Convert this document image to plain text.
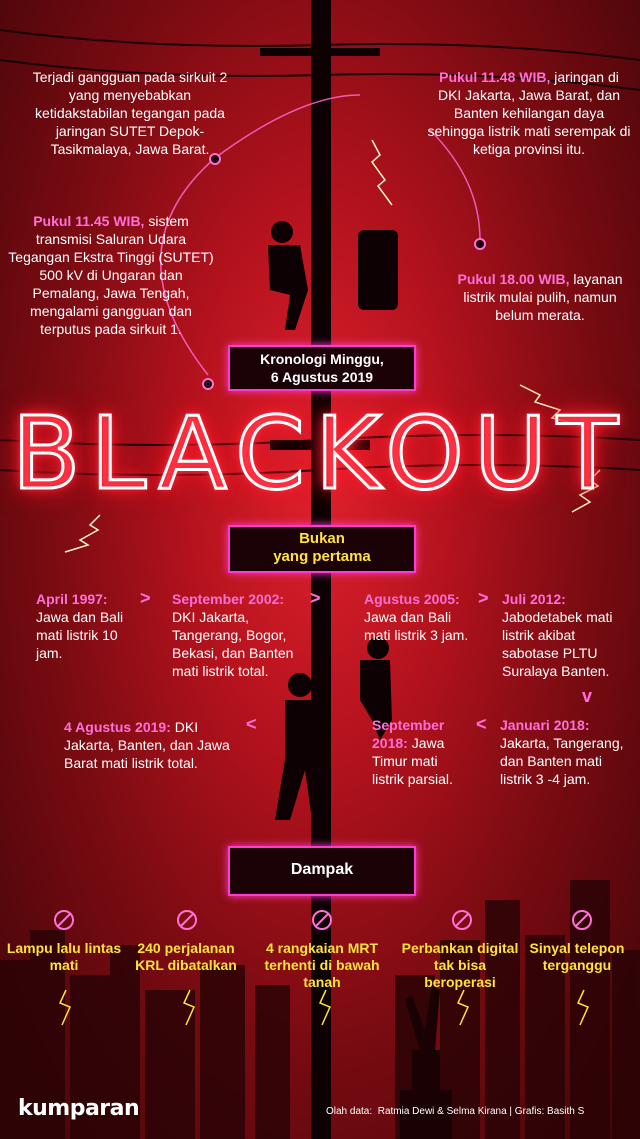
Terjadi gangguan pada sirkuit 2 yang menyebabkan ketidakstabilan tegangan pada jaringan SUTET Depok-Tasikmalaya, Jawa Barat.
Pukul 11.45 WIB, sistem transmisi Saluran Udara Tegangan Ekstra Tinggi (SUTET) 500 kV di Ungaran dan Pemalang, Jawa Tengah, mengalami gangguan dan terputus pada sirkuit 1.
Pukul 11.48 WIB, jaringan di DKI Jakarta, Jawa Barat, dan Banten kehilangan daya sehingga listrik mati serempak di ketiga provinsi itu.
Pukul 18.00 WIB, layanan listrik mulai pulih, namun belum merata.
Kronologi Minggu,
6 Agustus 2019
BLACKOUT
Bukan
yang pertama
April 1997:
Jawa dan Bali mati listrik 10 jam.
> September 2002:
DKI Jakarta, Tangerang, Bogor, Bekasi, dan Banten mati listrik total.
>	Agustus 2005:
Jawa dan Bali mati listrik 3 jam.
> Juli 2012:
Jabodetabek mati listrik akibat sabotase PLTU Suralaya Banten.
v
Januari 2018:
Jakarta, Tangerang, dan Banten mati listrik 3 -4 jam.
<
September 2018: Jawa Timur mati listrik parsial.
<
4 Agustus 2019: DKI Jakarta, Banten, dan Jawa Barat mati listrik total.
Dampak
Lampu lalu lintas mati
240 perjalanan KRL dibatalkan
4 rangkaian MRT terhenti di bawah tanah
Perbankan digital tak bisa beroperasi
Sinyal telepon terganggu
kumparan	Olah data: Ratmia Dewi & Selma Kirana | Grafis: Basith S
